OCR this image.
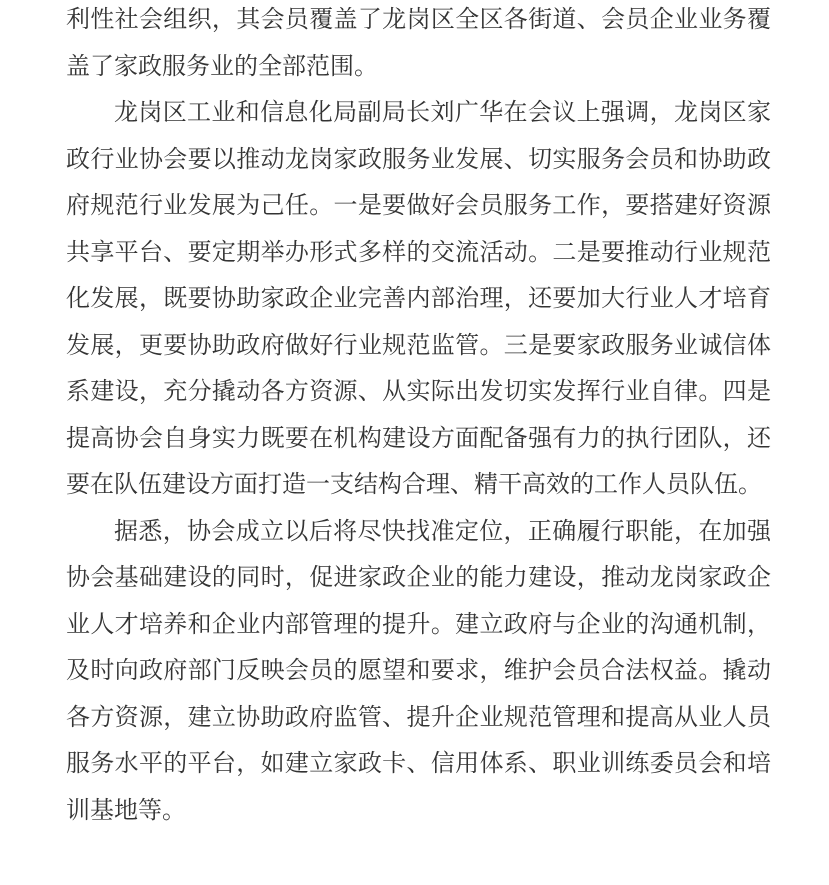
利性社会组织，其会员覆盖了龙岗区全区各街道、会员企业业务覆盖了家政服务业的全部范围。

龙岗区工业和信息化局副局长刘广华在会议上强调，龙岗区家政行业协会要以推动龙岗家政服务业发展、切实服务会员和协助政府规范行业发展为己任。一是要做好会员服务工作，要搭建好资源共享平台、要定期举办形式多样的交流活动。二是要推动行业规范化发展，既要协助家政企业完善内部治理，还要加大行业人才培育发展，更要协助政府做好行业规范监管。三是要家政服务业诚信体系建设，充分撬动各方资源、从实际出发切实发挥行业自律。四是提高协会自身实力既要在机构建设方面配备强有力的执行团队，还要在队伍建设方面打造一支结构合理、精干高效的工作人员队伍。

据悉，协会成立以后将尽快找准定位，正确履行职能，在加强协会基础建设的同时，促进家政企业的能力建设，推动龙岗家政企业人才培养和企业内部管理的提升。建立政府与企业的沟通机制，及时向政府部门反映会员的愿望和要求，维护会员合法权益。撬动各方资源，建立协助政府监管、提升企业规范管理和提高从业人员服务水平的平台，如建立家政卡、信用体系、职业训练委员会和培训基地等。
